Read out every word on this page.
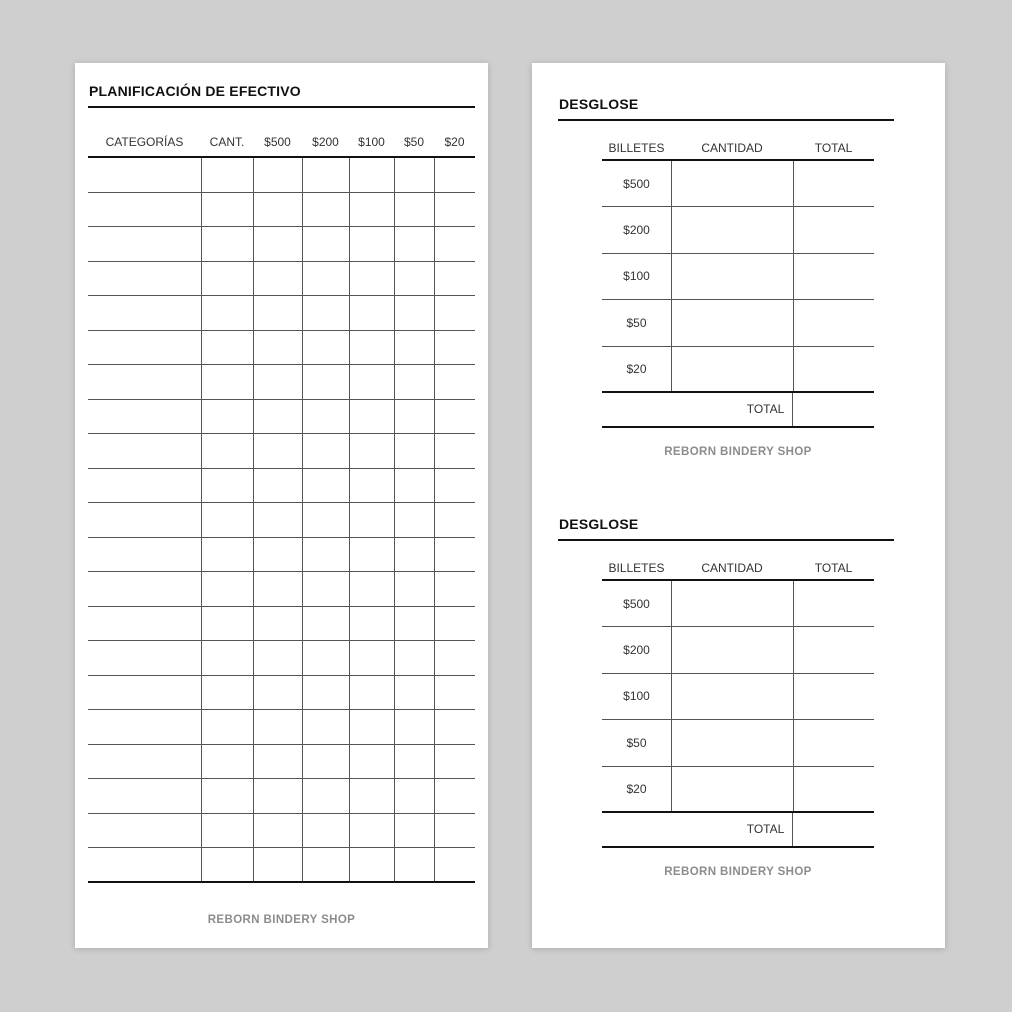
PLANIFICACIÓN DE EFECTIVO
CATEGORÍAS	CANT.	$500	$200	$100	$50	$20
REBORN BINDERY SHOP
DESGLOSE
BILLETES	CANTIDAD	TOTAL
$500
$200
$100
$50
$20
TOTAL
REBORN BINDERY SHOP
DESGLOSE
BILLETES	CANTIDAD	TOTAL
$500
$200
$100
$50
$20
TOTAL
REBORN BINDERY SHOP
